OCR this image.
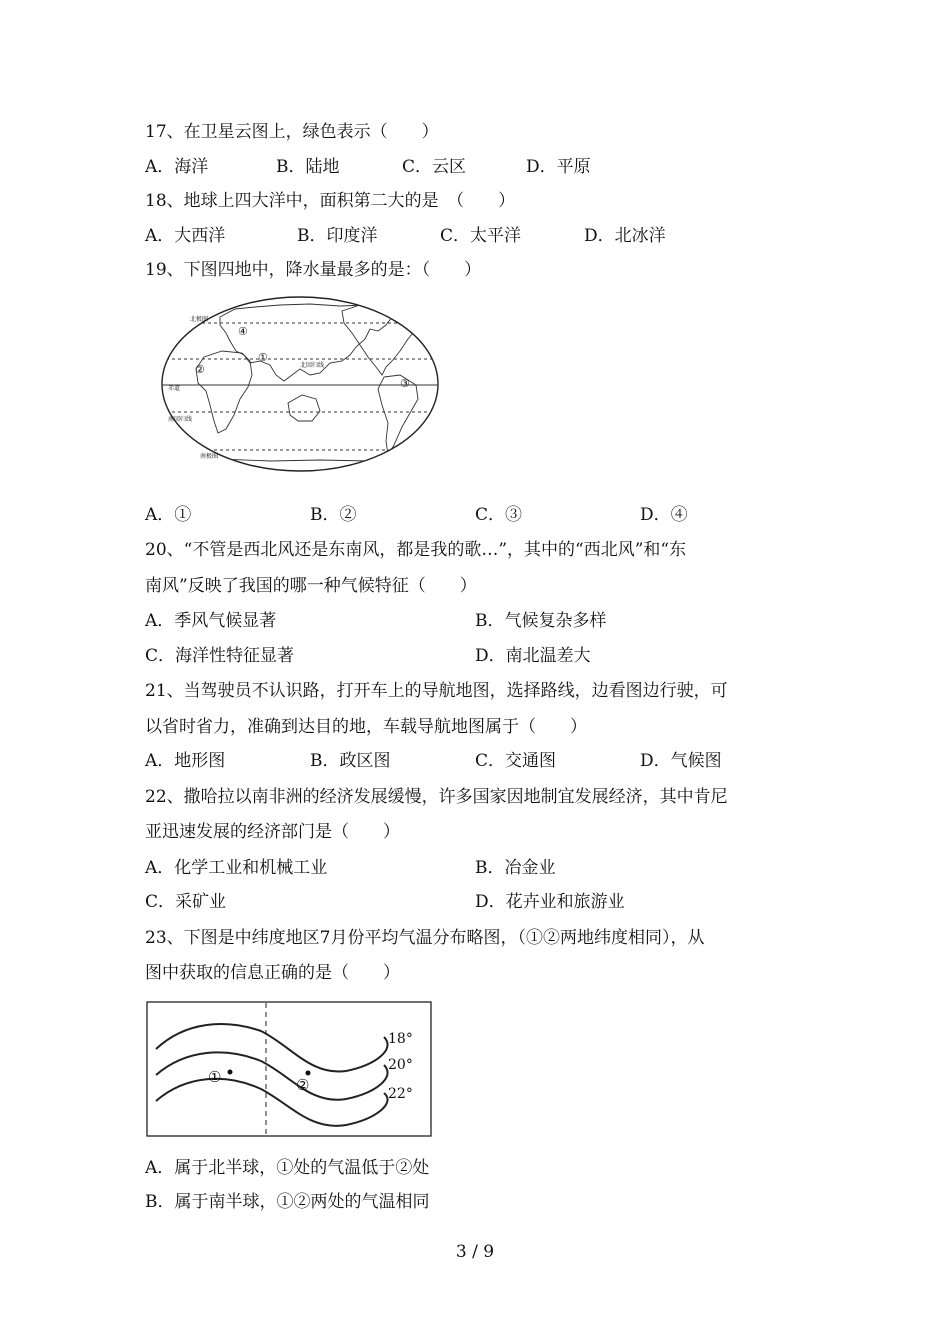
17、在卫星云图上，绿色表示（　　）
A．海洋	B．陆地	C．云区	D．平原
18、地球上四大洋中，面积第二大的是　（　　）
A．大西洋	B．印度洋	C．太平洋	D．北冰洋
19、下图四地中，降水量最多的是：（　　）
北极圈
北回归线
赤道
南回归线
南极圈
①
②
③
④
A．①	B．②	C．③	D．④
20、“不管是西北风还是东南风，都是我的歌…”，其中的“西北风”和“东
南风”反映了我国的哪一种气候特征（　　）
A．季风气候显著	B．气候复杂多样
C．海洋性特征显著	D．南北温差大
21、当驾驶员不认识路，打开车上的导航地图，选择路线，边看图边行驶，可
以省时省力，准确到达目的地，车载导航地图属于（　　）
A．地形图	B．政区图	C．交通图	D．气候图
22、撒哈拉以南非洲的经济发展缓慢，许多国家因地制宜发展经济，其中肯尼
亚迅速发展的经济部门是（　　）
A．化学工业和机械工业	B．冶金业
C．采矿业	D．花卉业和旅游业
23、下图是中纬度地区7月份平均气温分布略图，（①②两地纬度相同），从
图中获取的信息正确的是（　　）
18°
20°
22°
①	②
A．属于北半球，①处的气温低于②处
B．属于南半球，①②两处的气温相同
3 / 9
